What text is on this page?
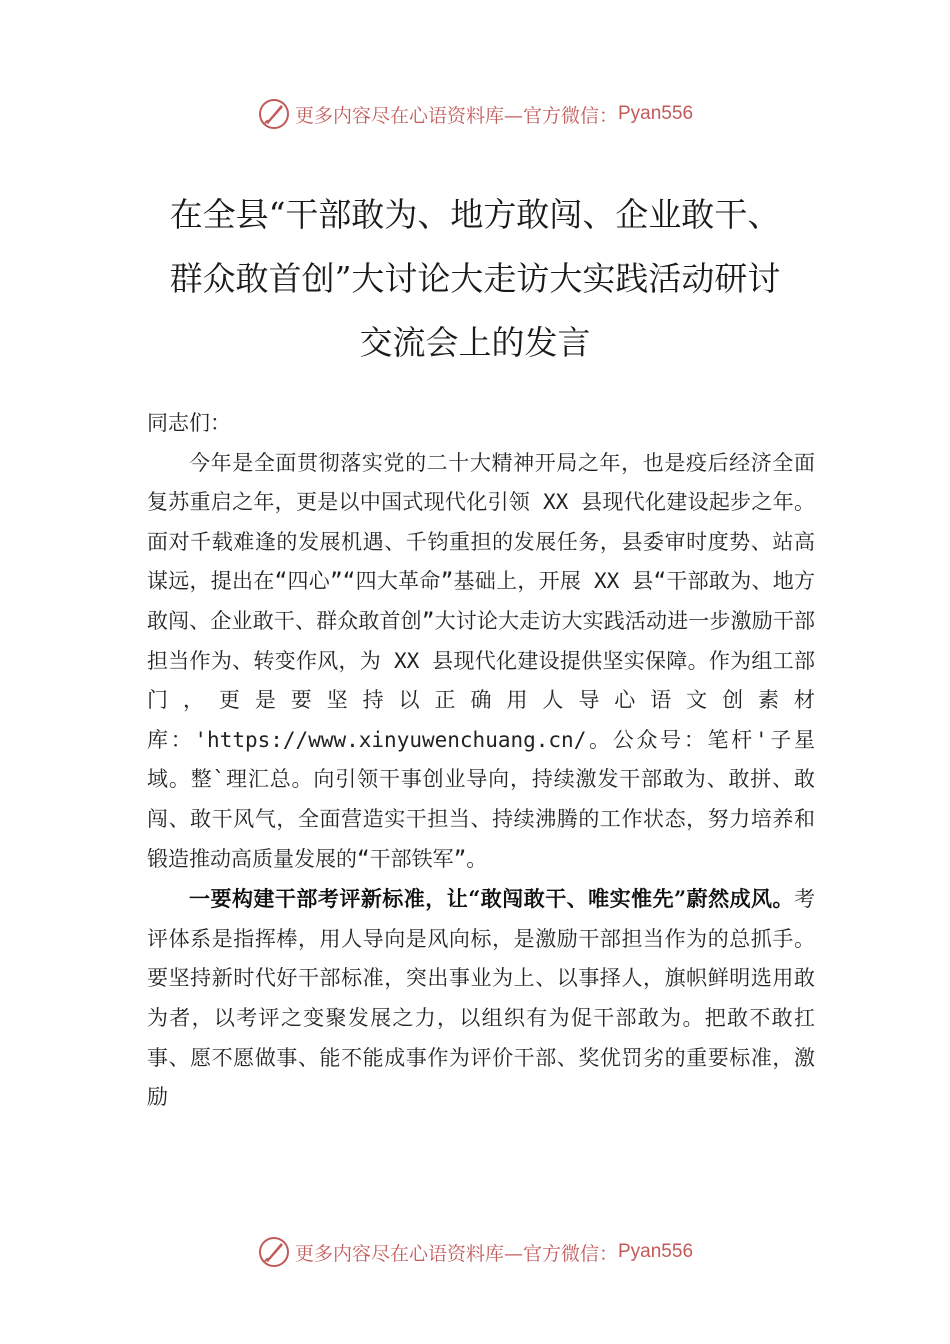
更多内容尽在心语资料库—官方微信： Pyan556
在全县“干部敢为、地方敢闯、企业敢干、
群众敢首创”大讨论大走访大实践活动研讨
交流会上的发言

同志们：

今年是全面贯彻落实党的二十大精神开局之年，也是疫后经济全面复苏重启之年，更是以中国式现代化引领 XX 县现代化建设起步之年。面对千载难逢的发展机遇、千钧重担的发展任务，县委审时度势、站高谋远，提出在“四心”“四大革命”基础上，开展 XX 县“干部敢为、地方敢闯、企业敢干、群众敢首创”大讨论大走访大实践活动进一步激励干部担当作为、转变作风，为 XX 县现代化建设提供坚实保障。作为组工部门，更是要坚持以正确用人导心语文创素材库：'https://www.xinyuwenchuang.cn/。公众号：笔杆'子星域。整`理汇总。向引领干事创业导向，持续激发干部敢为、敢拼、敢闯、敢干风气，全面营造实干担当、持续沸腾的工作状态，努力培养和锻造推动高质量发展的“干部铁军”。

一要构建干部考评新标准，让“敢闯敢干、唯实惟先”蔚然成风。考评体系是指挥棒，用人导向是风向标，是激励干部担当作为的总抓手。要坚持新时代好干部标准，突出事业为上、以事择人，旗帜鲜明选用敢为者，以考评之变聚发展之力，以组织有为促干部敢为。把敢不敢扛事、愿不愿做事、能不能成事作为评价干部、奖优罚劣的重要标准，激励

更多内容尽在心语资料库—官方微信： Pyan556
